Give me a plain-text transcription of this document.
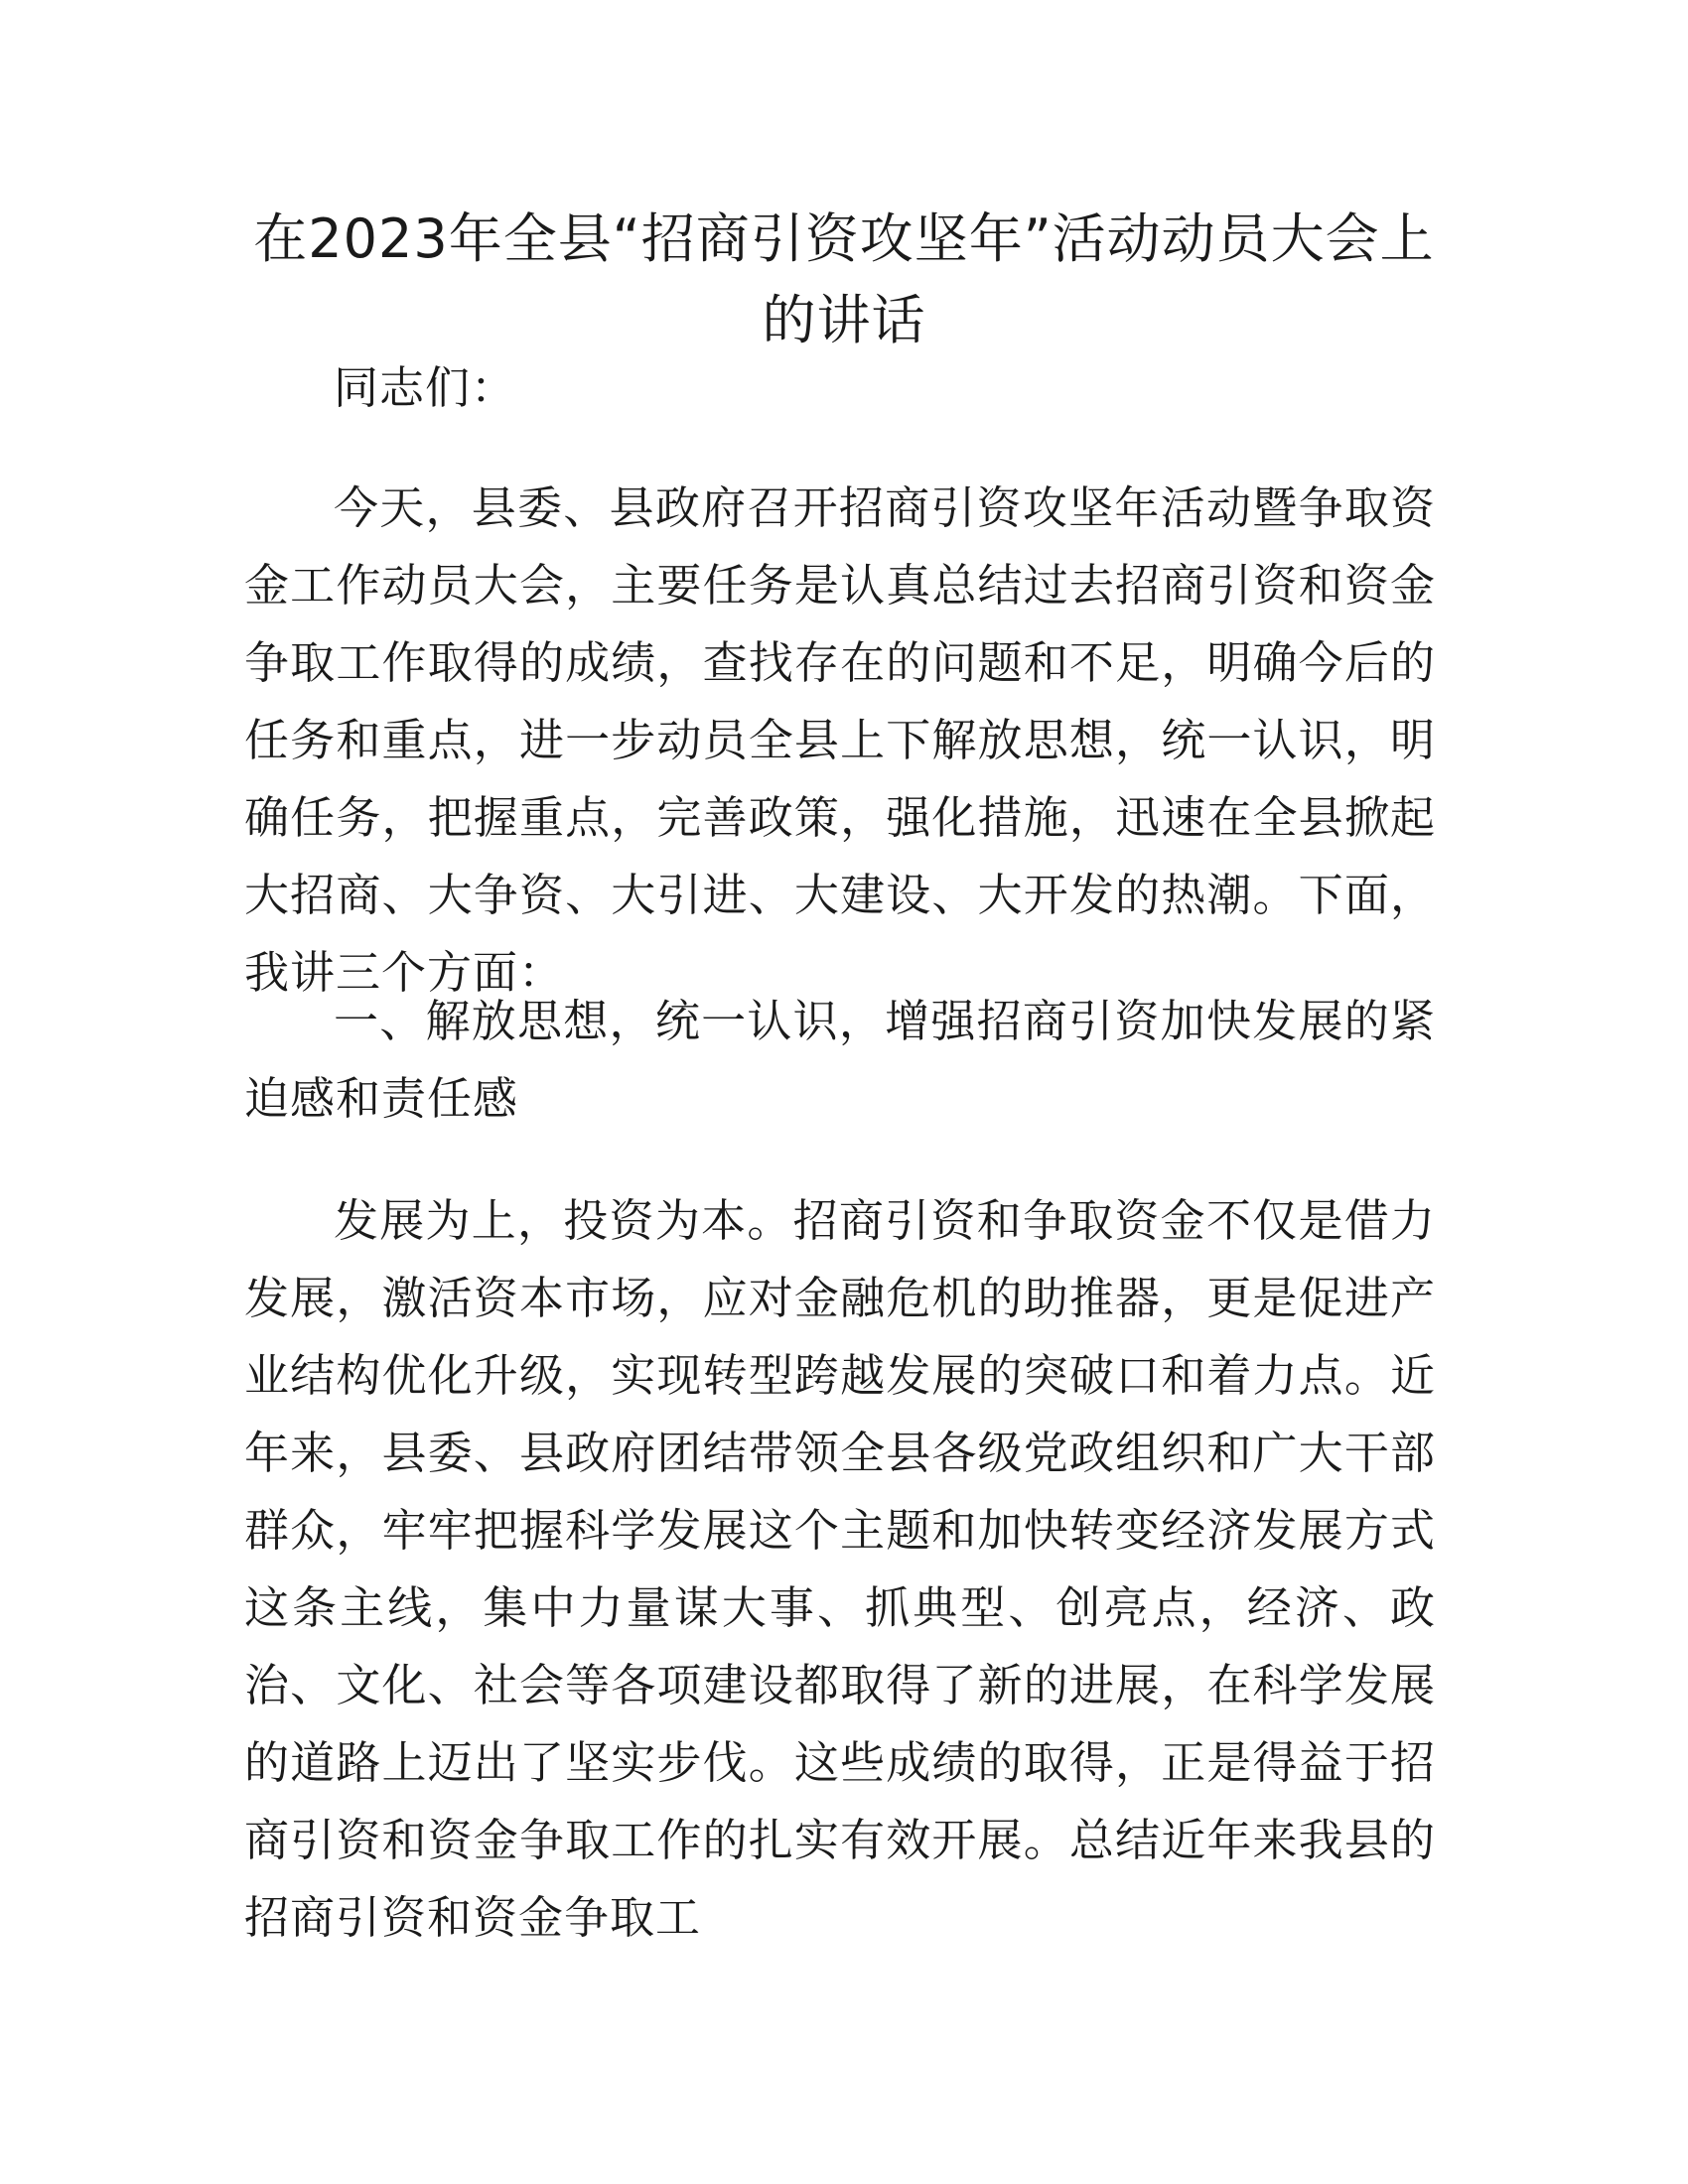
在2023年全县“招商引资攻坚年”活动动员大会上的讲话

同志们：

今天，县委、县政府召开招商引资攻坚年活动暨争取资金工作动员大会，主要任务是认真总结过去招商引资和资金争取工作取得的成绩，查找存在的问题和不足，明确今后的任务和重点，进一步动员全县上下解放思想，统一认识，明确任务，把握重点，完善政策，强化措施，迅速在全县掀起大招商、大争资、大引进、大建设、大开发的热潮。下面，我讲三个方面：

一、解放思想，统一认识，增强招商引资加快发展的紧迫感和责任感

发展为上，投资为本。招商引资和争取资金不仅是借力发展，激活资本市场，应对金融危机的助推器，更是促进产业结构优化升级，实现转型跨越发展的突破口和着力点。近年来，县委、县政府团结带领全县各级党政组织和广大干部群众，牢牢把握科学发展这个主题和加快转变经济发展方式这条主线，集中力量谋大事、抓典型、创亮点，经济、政治、文化、社会等各项建设都取得了新的进展，在科学发展的道路上迈出了坚实步伐。这些成绩的取得，正是得益于招商引资和资金争取工作的扎实有效开展。总结近年来我县的招商引资和资金争取工
